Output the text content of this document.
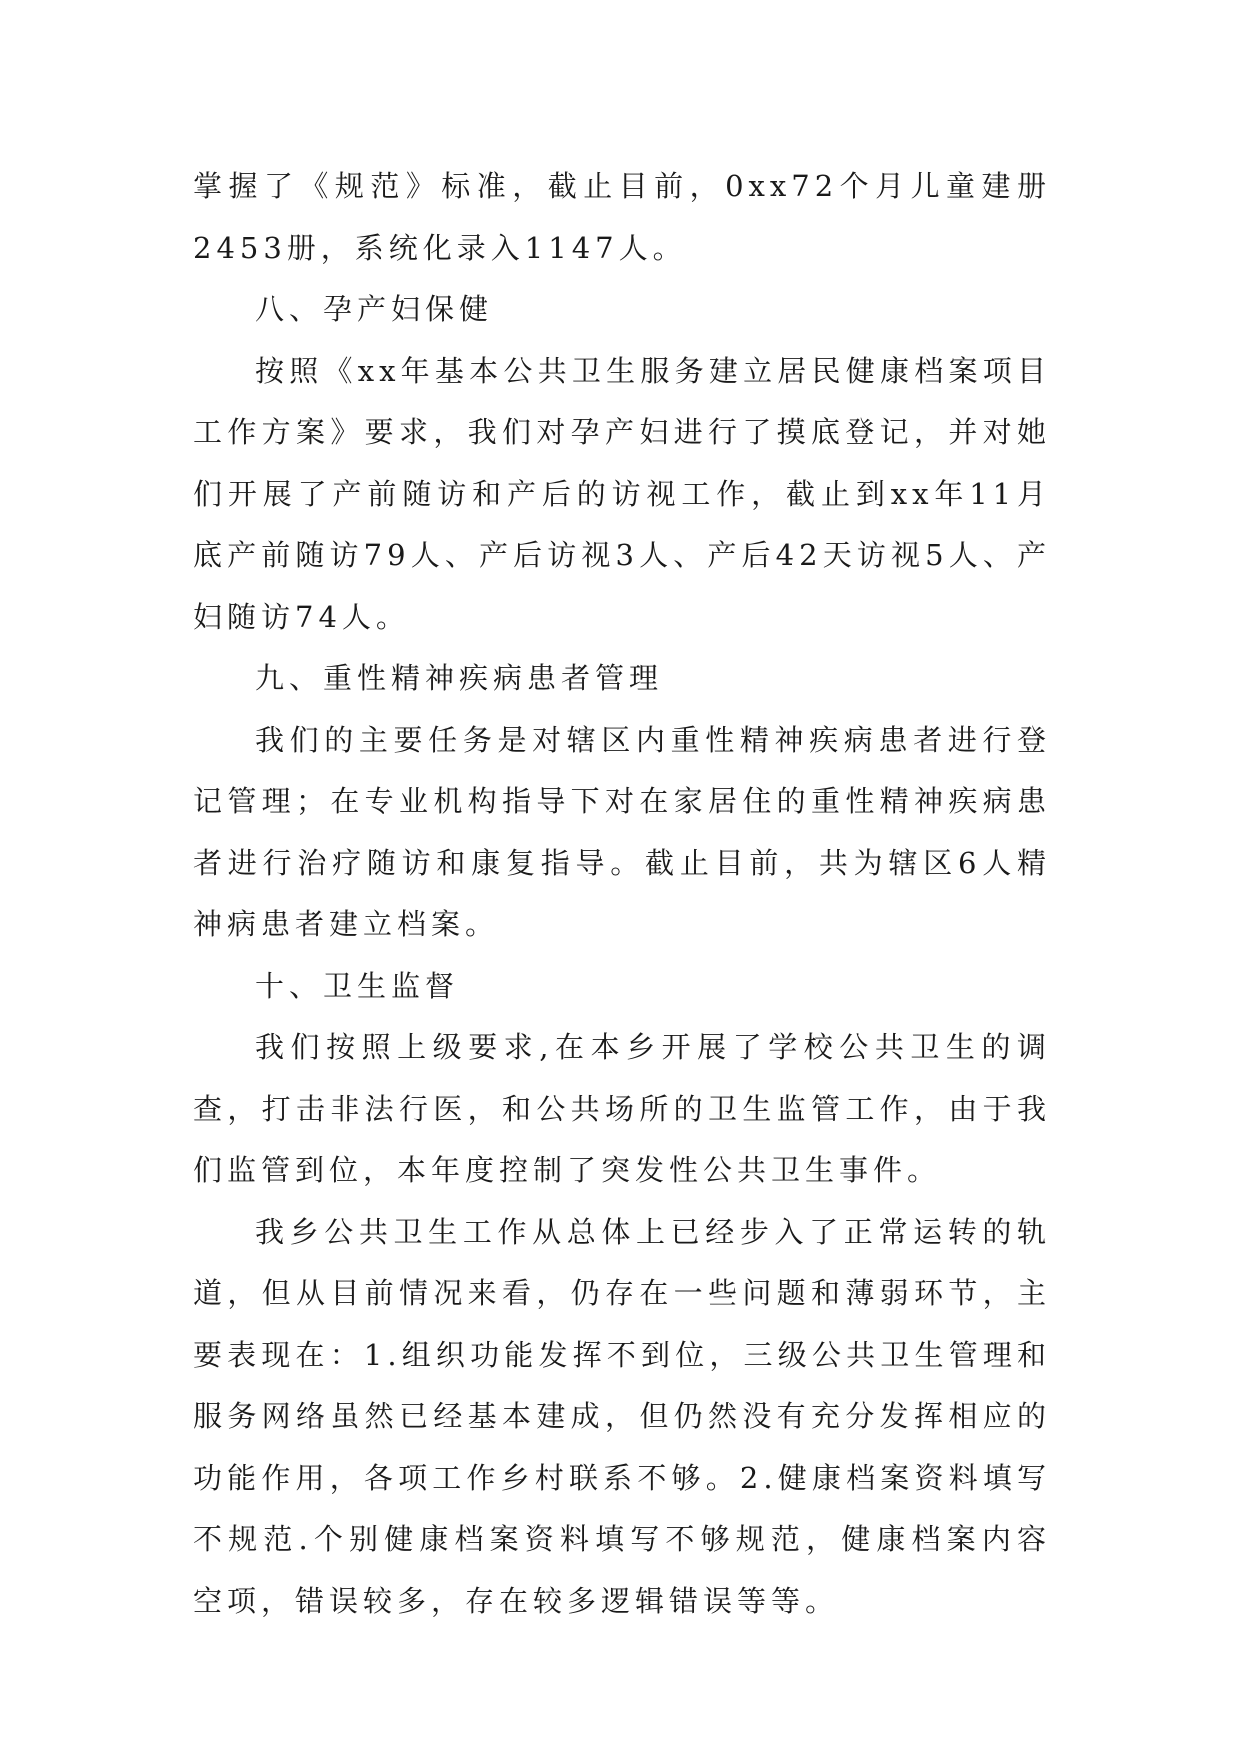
掌握了《规范》标准，截止目前，0xx72个月儿童建册2453册，系统化录入1147人。

八、孕产妇保健

按照《xx年基本公共卫生服务建立居民健康档案项目工作方案》要求，我们对孕产妇进行了摸底登记，并对她们开展了产前随访和产后的访视工作，截止到xx年11月底产前随访79人、产后访视3人、产后42天访视5人、产妇随访74人。

九、重性精神疾病患者管理

我们的主要任务是对辖区内重性精神疾病患者进行登记管理；在专业机构指导下对在家居住的重性精神疾病患者进行治疗随访和康复指导。截止目前，共为辖区6人精神病患者建立档案。

十、卫生监督

我们按照上级要求,在本乡开展了学校公共卫生的调查，打击非法行医，和公共场所的卫生监管工作，由于我们监管到位，本年度控制了突发性公共卫生事件。

我乡公共卫生工作从总体上已经步入了正常运转的轨道，但从目前情况来看，仍存在一些问题和薄弱环节，主要表现在：1.组织功能发挥不到位，三级公共卫生管理和服务网络虽然已经基本建成，但仍然没有充分发挥相应的功能作用，各项工作乡村联系不够。2.健康档案资料填写不规范.个别健康档案资料填写不够规范，健康档案内容空项，错误较多，存在较多逻辑错误等等。
